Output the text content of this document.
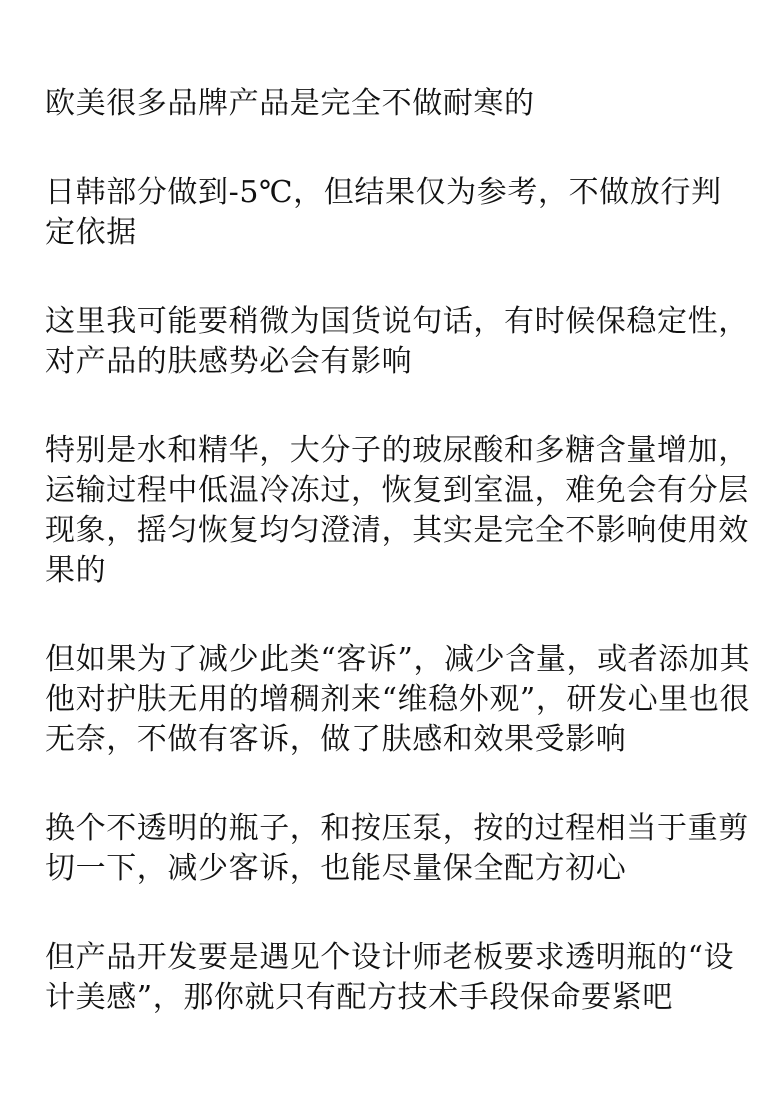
欧美很多品牌产品是完全不做耐寒的

日韩部分做到-5℃，但结果仅为参考，不做放行判定依据

这里我可能要稍微为国货说句话，有时候保稳定性，对产品的肤感势必会有影响

特别是水和精华，大分子的玻尿酸和多糖含量增加，运输过程中低温冷冻过，恢复到室温，难免会有分层现象，摇匀恢复均匀澄清，其实是完全不影响使用效果的

但如果为了减少此类“客诉”，减少含量，或者添加其他对护肤无用的增稠剂来“维稳外观”，研发心里也很无奈，不做有客诉，做了肤感和效果受影响

换个不透明的瓶子，和按压泵，按的过程相当于重剪切一下，减少客诉，也能尽量保全配方初心

但产品开发要是遇见个设计师老板要求透明瓶的“设计美感”，那你就只有配方技术手段保命要紧吧
